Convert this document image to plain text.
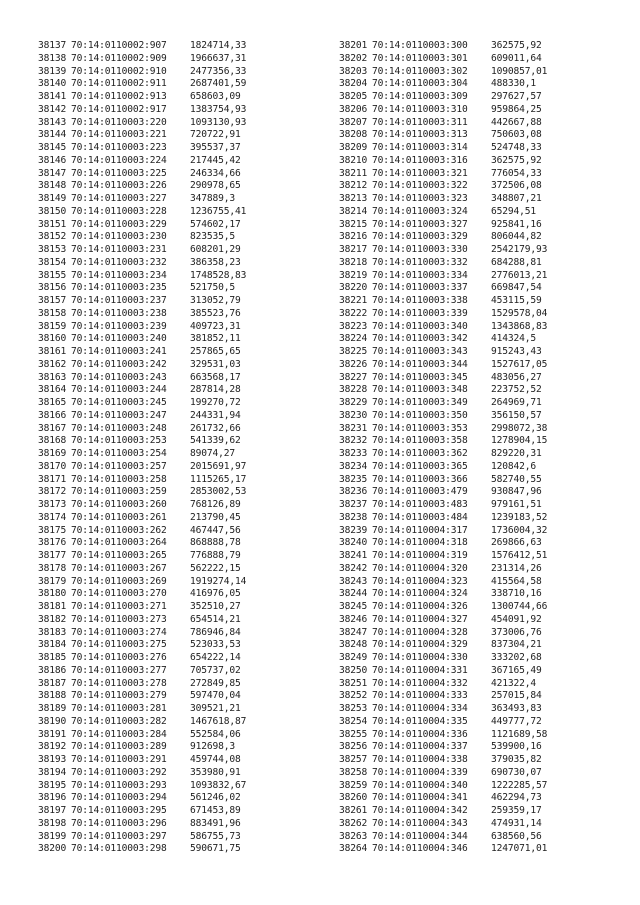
38137 70:14:0110002:907 1824714,33
38138 70:14:0110002:909 1966637,31
38139 70:14:0110002:910 2477356,33
38140 70:14:0110002:911 2687401,59
38141 70:14:0110002:913 658603,09
38142 70:14:0110002:917 1383754,93
38143 70:14:0110003:220 1093130,93
38144 70:14:0110003:221 720722,91
38145 70:14:0110003:223 395537,37
38146 70:14:0110003:224 217445,42
38147 70:14:0110003:225 246334,66
38148 70:14:0110003:226 290978,65
38149 70:14:0110003:227 347889,3
38150 70:14:0110003:228 1236755,41
38151 70:14:0110003:229 574602,17
38152 70:14:0110003:230 823535,5
38153 70:14:0110003:231 608201,29
38154 70:14:0110003:232 386358,23
38155 70:14:0110003:234 1748528,83
38156 70:14:0110003:235 521750,5
38157 70:14:0110003:237 313052,79
38158 70:14:0110003:238 385523,76
38159 70:14:0110003:239 409723,31
38160 70:14:0110003:240 381852,11
38161 70:14:0110003:241 257865,65
38162 70:14:0110003:242 329531,03
38163 70:14:0110003:243 663568,17
38164 70:14:0110003:244 287814,28
38165 70:14:0110003:245 199270,72
38166 70:14:0110003:247 244331,94
38167 70:14:0110003:248 261732,66
38168 70:14:0110003:253 541339,62
38169 70:14:0110003:254 89074,27
38170 70:14:0110003:257 2015691,97
38171 70:14:0110003:258 1115265,17
38172 70:14:0110003:259 2853002,53
38173 70:14:0110003:260 768126,89
38174 70:14:0110003:261 213790,45
38175 70:14:0110003:262 467447,56
38176 70:14:0110003:264 868888,78
38177 70:14:0110003:265 776888,79
38178 70:14:0110003:267 562222,15
38179 70:14:0110003:269 1919274,14
38180 70:14:0110003:270 416976,05
38181 70:14:0110003:271 352510,27
38182 70:14:0110003:273 654514,21
38183 70:14:0110003:274 786946,84
38184 70:14:0110003:275 523033,53
38185 70:14:0110003:276 654222,14
38186 70:14:0110003:277 705737,02
38187 70:14:0110003:278 272849,85
38188 70:14:0110003:279 597470,04
38189 70:14:0110003:281 309521,21
38190 70:14:0110003:282 1467618,87
38191 70:14:0110003:284 552584,06
38192 70:14:0110003:289 912698,3
38193 70:14:0110003:291 459744,08
38194 70:14:0110003:292 353980,91
38195 70:14:0110003:293 1093832,67
38196 70:14:0110003:294 561246,02
38197 70:14:0110003:295 671453,89
38198 70:14:0110003:296 883491,96
38199 70:14:0110003:297 586755,73
38200 70:14:0110003:298 590671,75
38201 70:14:0110003:300 362575,92
38202 70:14:0110003:301 609011,64
38203 70:14:0110003:302 1090857,01
38204 70:14:0110003:304 488330,1
38205 70:14:0110003:309 297627,57
38206 70:14:0110003:310 959864,25
38207 70:14:0110003:311 442667,88
38208 70:14:0110003:313 750603,08
38209 70:14:0110003:314 524748,33
38210 70:14:0110003:316 362575,92
38211 70:14:0110003:321 776054,33
38212 70:14:0110003:322 372506,08
38213 70:14:0110003:323 348807,21
38214 70:14:0110003:324 65294,51
38215 70:14:0110003:327 925841,16
38216 70:14:0110003:329 806044,82
38217 70:14:0110003:330 2542179,93
38218 70:14:0110003:332 684288,81
38219 70:14:0110003:334 2776013,21
38220 70:14:0110003:337 669847,54
38221 70:14:0110003:338 453115,59
38222 70:14:0110003:339 1529578,04
38223 70:14:0110003:340 1343868,83
38224 70:14:0110003:342 414324,5
38225 70:14:0110003:343 915243,43
38226 70:14:0110003:344 1527617,05
38227 70:14:0110003:345 483056,27
38228 70:14:0110003:348 223752,52
38229 70:14:0110003:349 264969,71
38230 70:14:0110003:350 356150,57
38231 70:14:0110003:353 2998072,38
38232 70:14:0110003:358 1278904,15
38233 70:14:0110003:362 829220,31
38234 70:14:0110003:365 120842,6
38235 70:14:0110003:366 582740,55
38236 70:14:0110003:479 930847,96
38237 70:14:0110003:483 979161,51
38238 70:14:0110003:484 1239183,52
38239 70:14:0110004:317 1736004,32
38240 70:14:0110004:318 269866,63
38241 70:14:0110004:319 1576412,51
38242 70:14:0110004:320 231314,26
38243 70:14:0110004:323 415564,58
38244 70:14:0110004:324 338710,16
38245 70:14:0110004:326 1300744,66
38246 70:14:0110004:327 454091,92
38247 70:14:0110004:328 373006,76
38248 70:14:0110004:329 837304,21
38249 70:14:0110004:330 333202,68
38250 70:14:0110004:331 367165,49
38251 70:14:0110004:332 421322,4
38252 70:14:0110004:333 257015,84
38253 70:14:0110004:334 363493,83
38254 70:14:0110004:335 449777,72
38255 70:14:0110004:336 1121689,58
38256 70:14:0110004:337 539900,16
38257 70:14:0110004:338 379035,82
38258 70:14:0110004:339 690730,07
38259 70:14:0110004:340 1222285,57
38260 70:14:0110004:341 462294,73
38261 70:14:0110004:342 259359,17
38262 70:14:0110004:343 474931,14
38263 70:14:0110004:344 638560,56
38264 70:14:0110004:346 1247071,01
